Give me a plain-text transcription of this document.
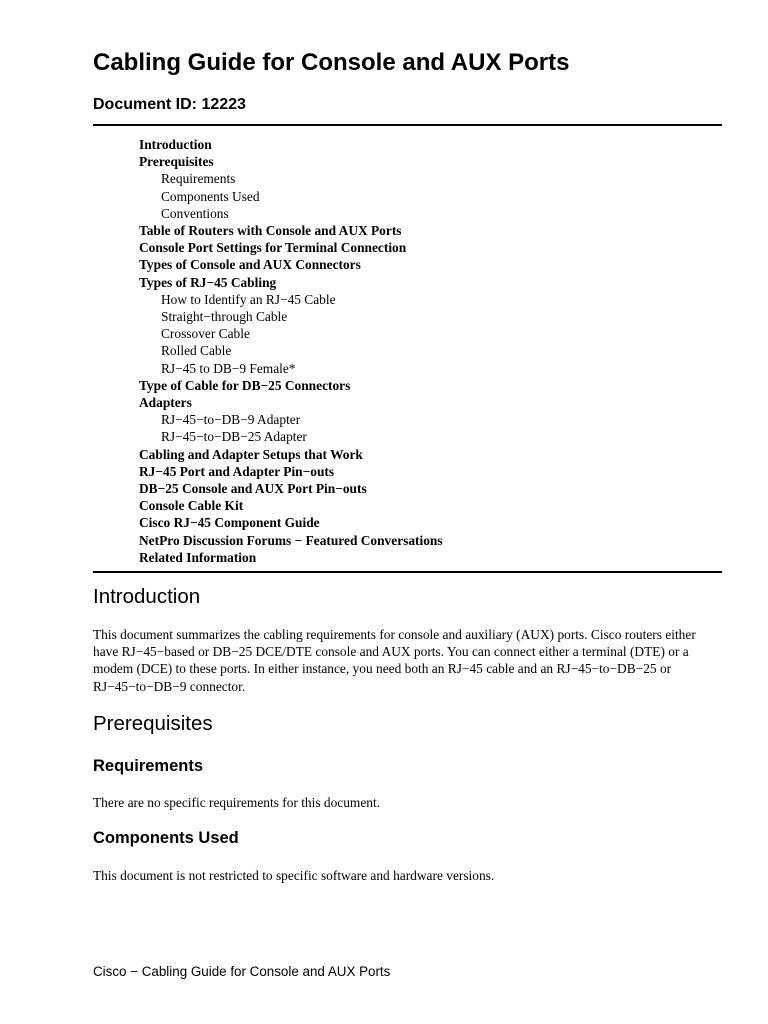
Cabling Guide for Console and AUX Ports
Document ID: 12223
Introduction
Prerequisites
Requirements
Components Used
Conventions
Table of Routers with Console and AUX Ports
Console Port Settings for Terminal Connection
Types of Console and AUX Connectors
Types of RJ−45 Cabling
How to Identify an RJ−45 Cable
Straight−through Cable
Crossover Cable
Rolled Cable
RJ−45 to DB−9 Female*
Type of Cable for DB−25 Connectors
Adapters
RJ−45−to−DB−9 Adapter
RJ−45−to−DB−25 Adapter
Cabling and Adapter Setups that Work
RJ−45 Port and Adapter Pin−outs
DB−25 Console and AUX Port Pin−outs
Console Cable Kit
Cisco RJ−45 Component Guide
NetPro Discussion Forums − Featured Conversations
Related Information
Introduction

This document summarizes the cabling requirements for console and auxiliary (AUX) ports. Cisco routers either have RJ−45−based or DB−25 DCE/DTE console and AUX ports. You can connect either a terminal (DTE) or a modem (DCE) to these ports. In either instance, you need both an RJ−45 cable and an RJ−45−to−DB−25 or RJ−45−to−DB−9 connector.

Prerequisites
Requirements

There are no specific requirements for this document.

Components Used

This document is not restricted to specific software and hardware versions.

Cisco − Cabling Guide for Console and AUX Ports
